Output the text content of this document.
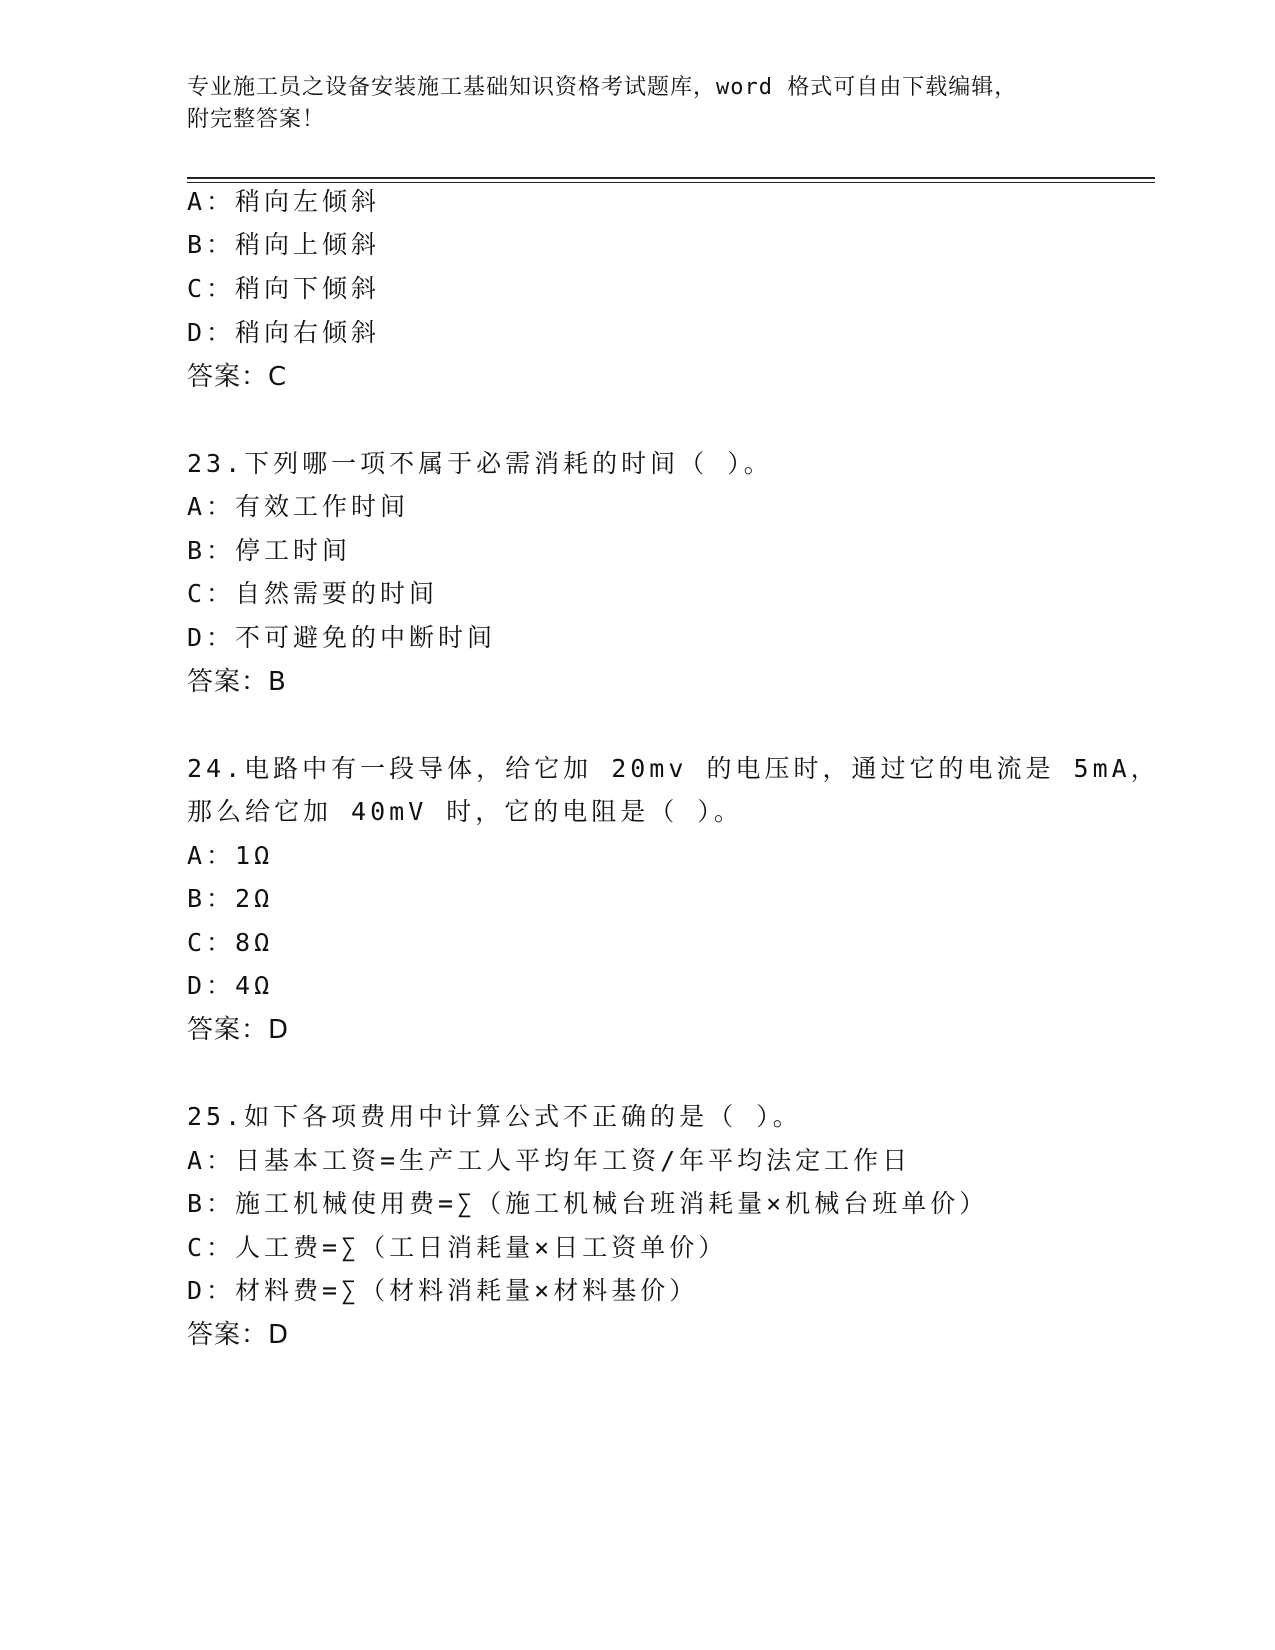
专业施工员之设备安装施工基础知识资格考试题库，word 格式可自由下载编辑，
附完整答案！
A：稍向左倾斜
B：稍向上倾斜
C：稍向下倾斜
D：稍向右倾斜
答案：C
23.下列哪一项不属于必需消耗的时间（ ）。
A：有效工作时间
B：停工时间
C：自然需要的时间
D：不可避免的中断时间
答案：B
24.电路中有一段导体，给它加 20mv 的电压时，通过它的电流是 5mA，
那么给它加 40mV 时，它的电阻是（ ）。
A：1Ω
B：2Ω
C：8Ω
D：4Ω
答案：D
25.如下各项费用中计算公式不正确的是（ ）。
A：日基本工资=生产工人平均年工资/年平均法定工作日
B：施工机械使用费=∑（施工机械台班消耗量×机械台班单价）
C：人工费=∑（工日消耗量×日工资单价）
D：材料费=∑（材料消耗量×材料基价）
答案：D
